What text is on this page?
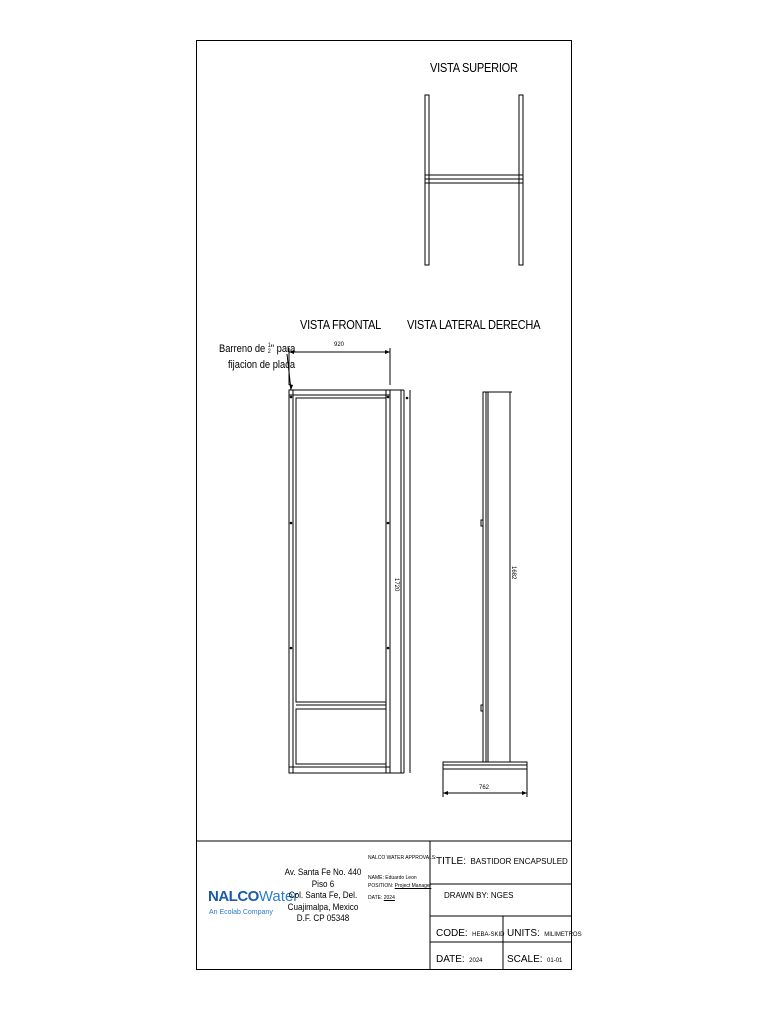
VISTA SUPERIOR
VISTA FRONTAL VISTA LATERAL DERECHA
Barreno de 1
2" para
fijacion de placa
920
1720
1682
762
NALCOWater
An Ecolab Company
Av. Santa Fe No. 440
Piso 6
Col. Santa Fe, Del.
Cuajimalpa, Mexico
D.F. CP 05348
NALCO WATER APPROVALS:
NAME: Eduardo Leon
POSITION: Project Manager
DATE: 2024
TITLE: BASTIDOR ENCAPSULED
DRAWN BY: NGES
CODE: HEBA-SKID UNITS: MILIMETROS
DATE: 2024 SCALE: 01-01
